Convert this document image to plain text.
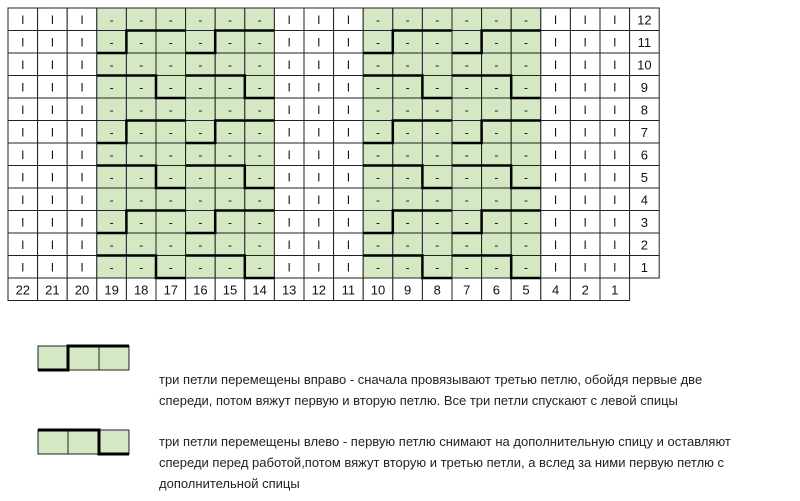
I I I - - - - - - I I I - - - - - - I I I 12
I I I - - - - - - I I I - - - - - - I I I 11
I I I - - - - - - I I I - - - - - - I I I 10
I I I - - - - - - I I I - - - - - - I I I 9
I I I - - - - - - I I I - - - - - - I I I 8
I I I - - - - - - I I I - - - - - - I I I 7
I I I - - - - - - I I I - - - - - - I I I 6
I I I - - - - - - I I I - - - - - - I I I 5
I I I - - - - - - I I I - - - - - - I I I 4
I I I - - - - - - I I I - - - - - - I I I 3
I I I - - - - - - I I I - - - - - - I I I 2
I I I - - - - - - I I I - - - - - - I I I 1
22 21 20 19 18 17 16 15 14 13 12 11 10 9 8 7 6 5 4 2 1
три петли перемещены вправо - сначала провязывают третью петлю, обойдя первые две
спереди, потом вяжут первую и вторую петлю. Все три петли спускают с левой спицы
три петли перемещены влево - первую петлю снимают на дополнительную спицу и оставляют
спереди перед работой,потом вяжут вторую и третью петли, а вслед за ними первую петлю с
дополнительной спицы
